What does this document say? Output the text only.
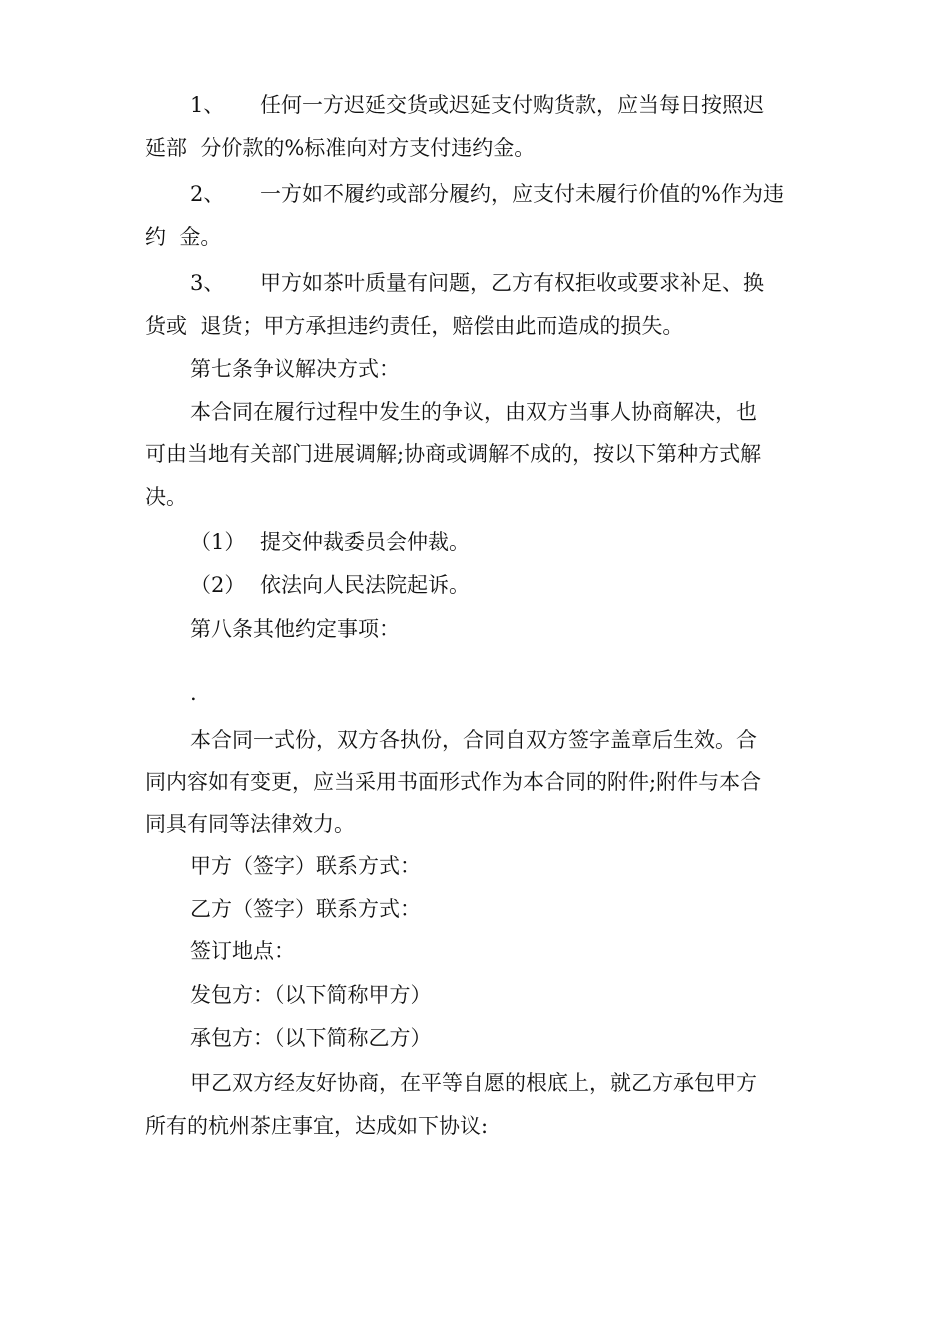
1、 任何一方迟延交货或迟延支付购货款，应当每日按照迟
延部  分价款的%标准向对方支付违约金。
2、 一方如不履约或部分履约，应支付未履行价值的%作为违
约  金。
3、 甲方如茶叶质量有问题，乙方有权拒收或要求补足、换
货或  退货；甲方承担违约责任，赔偿由此而造成的损失。
第七条争议解决方式：
本合同在履行过程中发生的争议，由双方当事人协商解决，也
可由当地有关部门进展调解;协商或调解不成的，按以下第种方式解
决。
（1） 提交仲裁委员会仲裁。
（2） 依法向人民法院起诉。
第八条其他约定事项：
.
本合同一式份，双方各执份，合同自双方签字盖章后生效。合
同内容如有变更，应当采用书面形式作为本合同的附件;附件与本合
同具有同等法律效力。
甲方（签字）联系方式：
乙方（签字）联系方式：
签订地点：
发包方：（以下简称甲方）
承包方：（以下简称乙方）
甲乙双方经友好协商，在平等自愿的根底上，就乙方承包甲方
所有的杭州茶庄事宜，达成如下协议:
